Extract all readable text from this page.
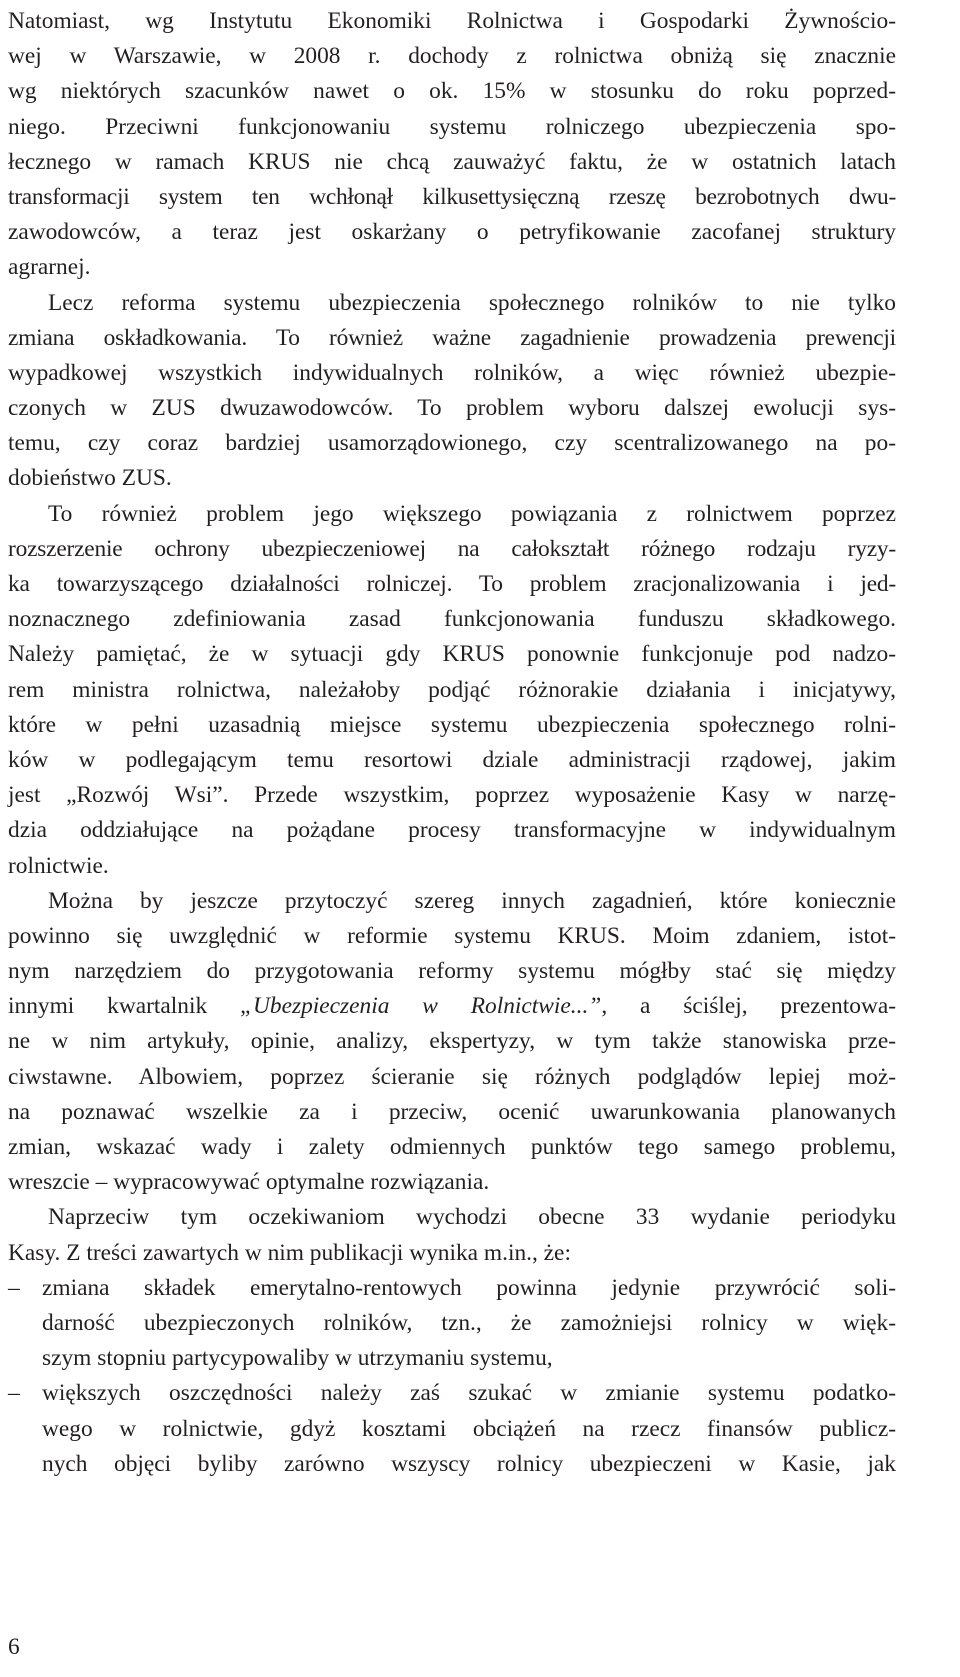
Natomiast, wg Instytutu Ekonomiki Rolnictwa i Gospodarki Żywnościo-
wej w Warszawie, w 2008 r. dochody z rolnictwa obniżą się znacznie
wg niektórych szacunków nawet o ok. 15% w stosunku do roku poprzed-
niego. Przeciwni funkcjonowaniu systemu rolniczego ubezpieczenia spo-
łecznego w ramach KRUS nie chcą zauważyć faktu, że w ostatnich latach
transformacji system ten wchłonął kilkusettysięczną rzeszę bezrobotnych dwu-
zawodowców, a teraz jest oskarżany o petryfikowanie zacofanej struktury
agrarnej.
Lecz reforma systemu ubezpieczenia społecznego rolników to nie tylko
zmiana oskładkowania. To również ważne zagadnienie prowadzenia prewencji
wypadkowej wszystkich indywidualnych rolników, a więc również ubezpie-
czonych w ZUS dwuzawodowców. To problem wyboru dalszej ewolucji sys-
temu, czy coraz bardziej usamorządowionego, czy scentralizowanego na po-
dobieństwo ZUS.
To również problem jego większego powiązania z rolnictwem poprzez
rozszerzenie ochrony ubezpieczeniowej na całokształt różnego rodzaju ryzy-
ka towarzyszącego działalności rolniczej. To problem zracjonalizowania i jed-
noznacznego zdefiniowania zasad funkcjonowania funduszu składkowego.
Należy pamiętać, że w sytuacji gdy KRUS ponownie funkcjonuje pod nadzo-
rem ministra rolnictwa, należałoby podjąć różnorakie działania i inicjatywy,
które w pełni uzasadnią miejsce systemu ubezpieczenia społecznego rolni-
ków w podlegającym temu resortowi dziale administracji rządowej, jakim
jest „Rozwój Wsi”. Przede wszystkim, poprzez wyposażenie Kasy w narzę-
dzia oddziałujące na pożądane procesy transformacyjne w indywidualnym
rolnictwie.
Można by jeszcze przytoczyć szereg innych zagadnień, które koniecznie
powinno się uwzględnić w reformie systemu KRUS. Moim zdaniem, istot-
nym narzędziem do przygotowania reformy systemu mógłby stać się między
innymi kwartalnik „Ubezpieczenia w Rolnictwie...”, a ściślej, prezentowa-
ne w nim artykuły, opinie, analizy, ekspertyzy, w tym także stanowiska prze-
ciwstawne. Albowiem, poprzez ścieranie się różnych podglądów lepiej moż-
na poznawać wszelkie za i przeciw, ocenić uwarunkowania planowanych
zmian, wskazać wady i zalety odmiennych punktów tego samego problemu,
wreszcie – wypracowywać optymalne rozwiązania.
Naprzeciw tym oczekiwaniom wychodzi obecne 33 wydanie periodyku
Kasy. Z treści zawartych w nim publikacji wynika m.in., że:
– zmiana składek emerytalno-rentowych powinna jedynie przywrócić soli-
darność ubezpieczonych rolników, tzn., że zamożniejsi rolnicy w więk-
szym stopniu partycypowaliby w utrzymaniu systemu,
– większych oszczędności należy zaś szukać w zmianie systemu podatko-
wego w rolnictwie, gdyż kosztami obciążeń na rzecz finansów publicz-
nych objęci byliby zarówno wszyscy rolnicy ubezpieczeni w Kasie, jak
6
